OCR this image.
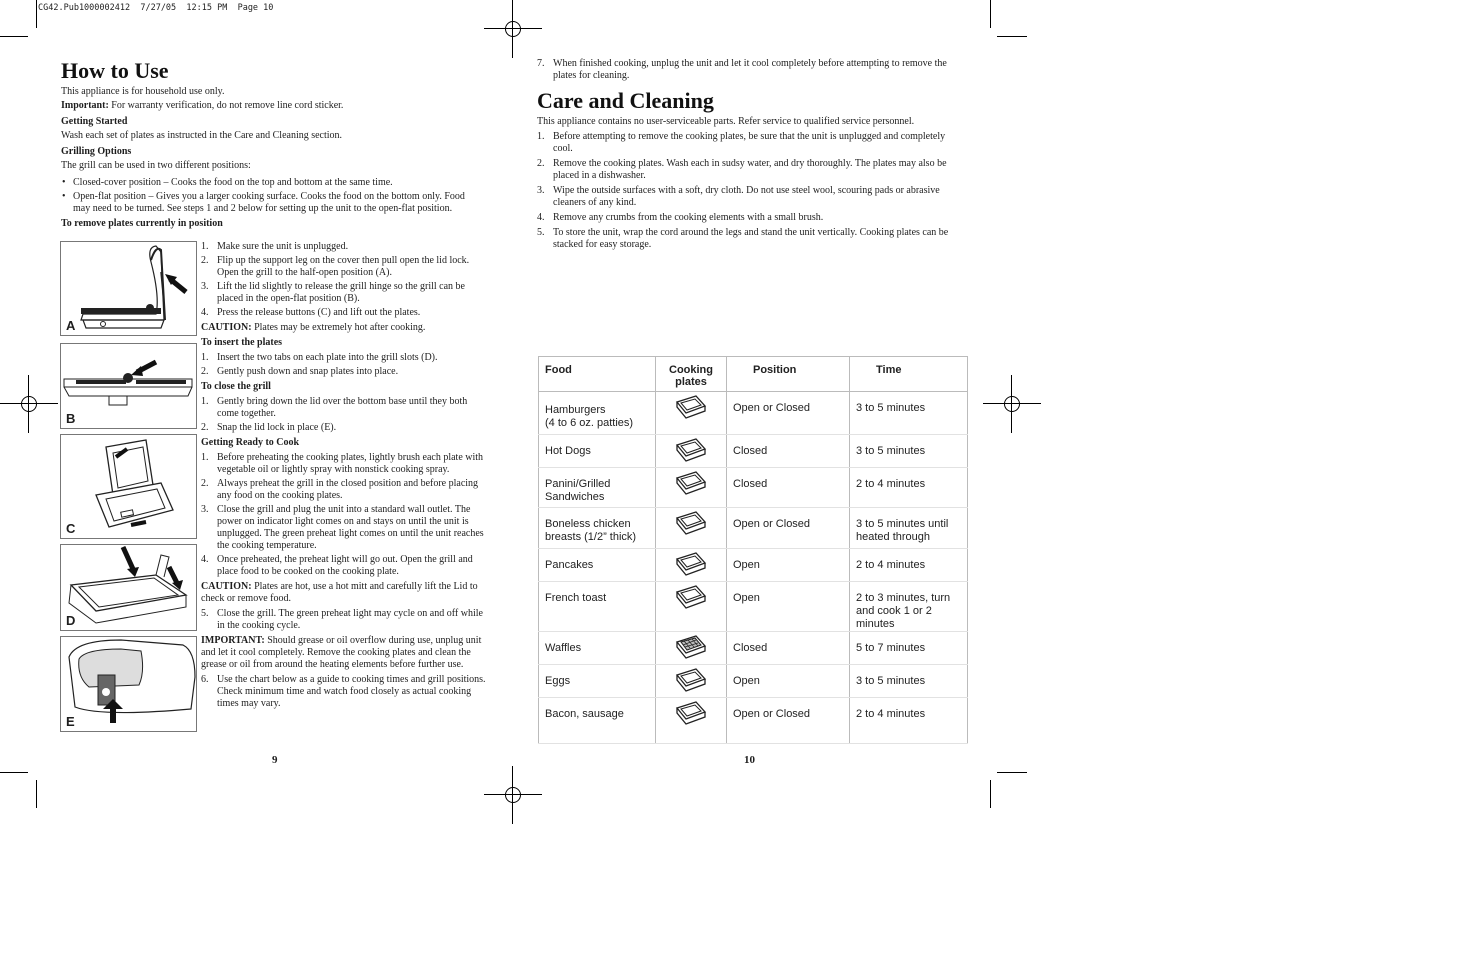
CG42.Pub1000002412  7/27/05  12:15 PM  Page 10
How to Use
This appliance is for household use only.
Important: For warranty verification, do not remove line cord sticker.
Getting Started
Wash each set of plates as instructed in the Care and Cleaning section.
Grilling Options
The grill can be used in two different positions:
• Closed-cover position – Cooks the food on the top and bottom at the same time.
• Open-flat position – Gives you a larger cooking surface. Cooks the food on the bottom only. Food may need to be turned. See steps 1 and 2 below for setting up the unit to the open-flat position.
To remove plates currently in position
A
B
C
D
E
1. Make sure the unit is unplugged.
2. Flip up the support leg on the cover then pull open the lid lock. Open the grill to the half-open position (A).
3. Lift the lid slightly to release the grill hinge so the grill can be placed in the open-flat position (B).
4. Press the release buttons (C) and lift out the plates.
CAUTION: Plates may be extremely hot after cooking.
To insert the plates
1. Insert the two tabs on each plate into the grill slots (D).
2. Gently push down and snap plates into place.
To close the grill
1. Gently bring down the lid over the bottom base until they both come together.
2. Snap the lid lock in place (E).
Getting Ready to Cook
1. Before preheating the cooking plates, lightly brush each plate with vegetable oil or lightly spray with nonstick cooking spray.
2. Always preheat the grill in the closed position and before placing any food on the cooking plates.
3. Close the grill and plug the unit into a standard wall outlet. The power on indicator light comes on and stays on until the unit is unplugged. The green preheat light comes on until the unit reaches the cooking temperature.
4. Once preheated, the preheat light will go out. Open the grill and place food to be cooked on the cooking plate.
CAUTION: Plates are hot, use a hot mitt and carefully lift the Lid to check or remove food.
5. Close the grill. The green preheat light may cycle on and off while in the cooking cycle.
IMPORTANT: Should grease or oil overflow during use, unplug unit and let it cool completely. Remove the cooking plates and clean the grease or oil from around the heating elements before further use.
6. Use the chart below as a guide to cooking times and grill positions. Check minimum time and watch food closely as actual cooking times may vary.
9
7. When finished cooking, unplug the unit and let it cool completely before attempting to remove the plates for cleaning.
Care and Cleaning
This appliance contains no user-serviceable parts. Refer service to qualified service personnel.
1. Before attempting to remove the cooking plates, be sure that the unit is unplugged and completely cool.
2. Remove the cooking plates. Wash each in sudsy water, and dry thoroughly. The plates may also be placed in a dishwasher.
3. Wipe the outside surfaces with a soft, dry cloth. Do not use steel wool, scouring pads or abrasive cleaners of any kind.
4. Remove any crumbs from the cooking elements with a small brush.
5. To store the unit, wrap the cord around the legs and stand the unit vertically. Cooking plates can be stacked for easy storage.
Food	Cooking plates	Position	Time
Hamburgers
(4 to 6 oz. patties)		Open or Closed	3 to 5 minutes
Hot Dogs		Closed	3 to 5 minutes
Panini/Grilled
Sandwiches		Closed	2 to 4 minutes
Boneless chicken
breasts (1/2” thick)		Open or Closed	3 to 5 minutes until
heated through
Pancakes		Open	2 to 4 minutes
French toast		Open	2 to 3 minutes, turn
and cook 1 or 2 minutes
Waffles		Closed	5 to 7 minutes
Eggs		Open	3 to 5 minutes
Bacon, sausage		Open or Closed	2 to 4 minutes
10
